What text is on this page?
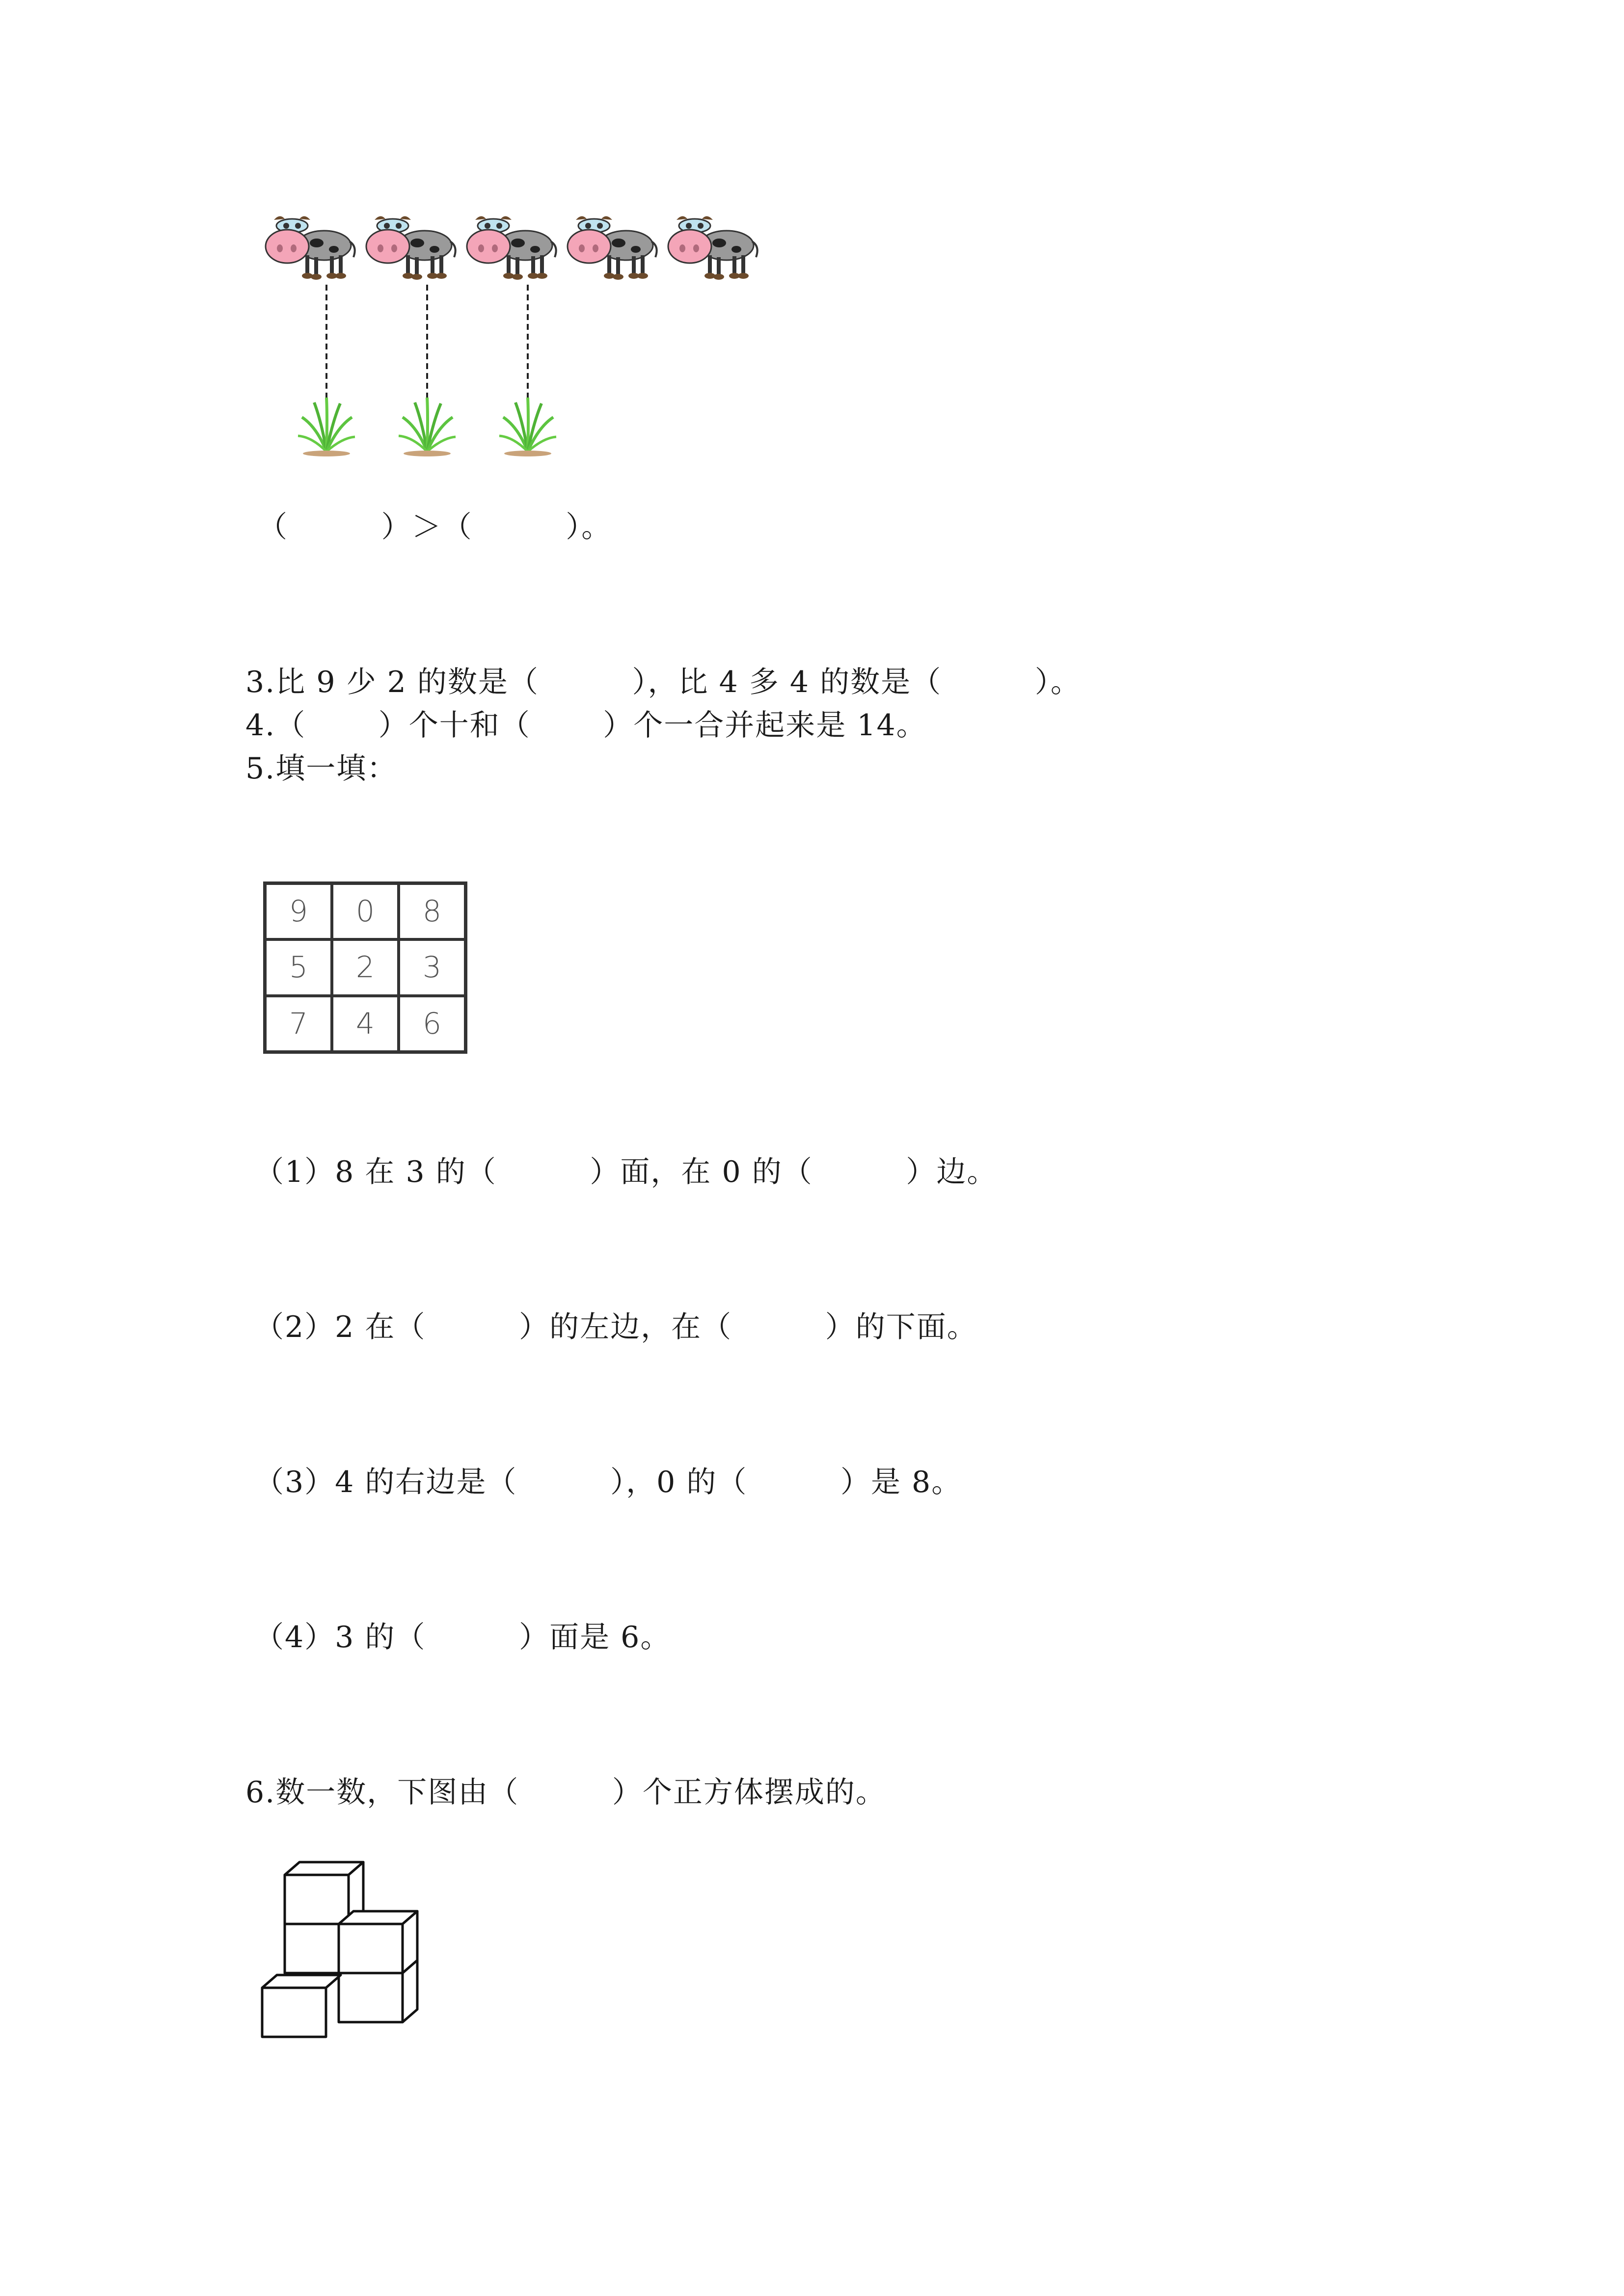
（         ）＞（         ）。
3.比 9 少 2 的数是（         ），比 4 多 4 的数是（         ）。
4.（       ）个十和（       ）个一合并起来是 14。
5.填一填：
9	0	8
5	2	3
7	4	6
（1）8 在 3 的（         ）面，在 0 的（         ）边。
（2）2 在（         ）的左边，在（         ）的下面。
（3）4 的右边是（         ），0 的（         ）是 8。
（4）3 的（         ）面是 6。
6.数一数，下图由（         ）个正方体摆成的。
